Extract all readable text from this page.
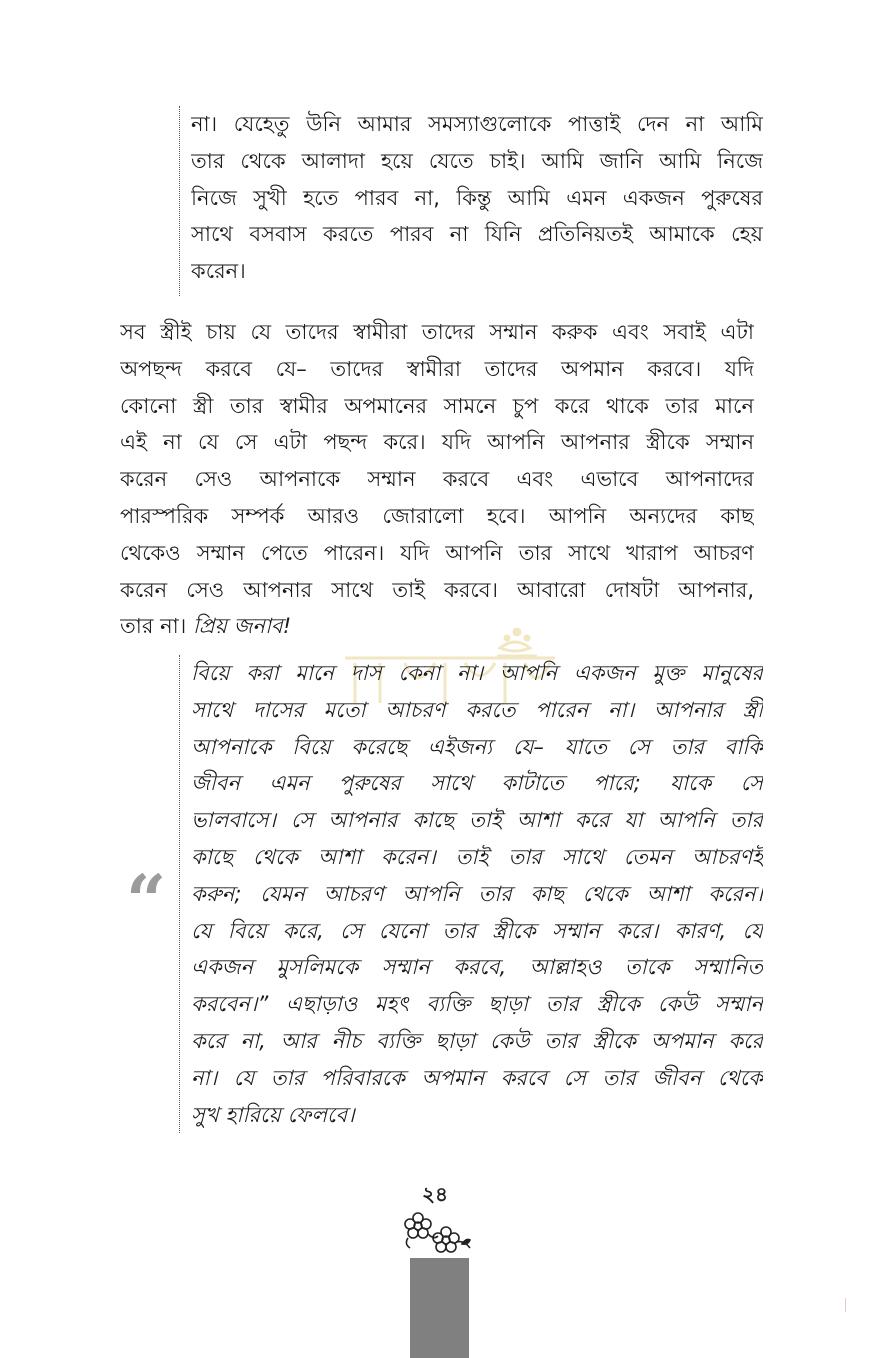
না। যেহেতু উনি আমার সমস্যাগুলোকে পাত্তাই দেন না আমি
তার থেকে আলাদা হয়ে যেতে চাই। আমি জানি আমি নিজে
নিজে সুখী হতে পারব না, কিন্তু আমি এমন একজন পুরুষের
সাথে বসবাস করতে পারব না যিনি প্রতিনিয়তই আমাকে হেয়
করেন।
সব স্ত্রীই চায় যে তাদের স্বামীরা তাদের সম্মান করুক এবং সবাই এটা
অপছন্দ করবে যে– তাদের স্বামীরা তাদের অপমান করবে। যদি
কোনো স্ত্রী তার স্বামীর অপমানের সামনে চুপ করে থাকে তার মানে
এই না যে সে এটা পছন্দ করে। যদি আপনি আপনার স্ত্রীকে সম্মান
করেন সেও আপনাকে সম্মান করবে এবং এভাবে আপনাদের
পারস্পরিক সম্পর্ক আরও জোরালো হবে। আপনি অন্যদের কাছ
থেকেও সম্মান পেতে পারেন। যদি আপনি তার সাথে খারাপ আচরণ
করেন সেও আপনার সাথে তাই করবে। আবারো দোষটা আপনার,
তার না। প্রিয় জনাব!
“
বিয়ে করা মানে দাস কেনা না। আপনি একজন মুক্ত মানুষের
সাথে দাসের মতো আচরণ করতে পারেন না। আপনার স্ত্রী
আপনাকে বিয়ে করেছে এইজন্য যে– যাতে সে তার বাকি
জীবন এমন পুরুষের সাথে কাটাতে পারে; যাকে সে
ভালবাসে। সে আপনার কাছে তাই আশা করে যা আপনি তার
কাছে থেকে আশা করেন। তাই তার সাথে তেমন আচরণই
করুন; যেমন আচরণ আপনি তার কাছ থেকে আশা করেন।
যে বিয়ে করে, সে যেনো তার স্ত্রীকে সম্মান করে। কারণ, যে
একজন মুসলিমকে সম্মান করবে, আল্লাহও তাকে সম্মানিত
করবেন।” এছাড়াও মহৎ ব্যক্তি ছাড়া তার স্ত্রীকে কেউ সম্মান
করে না, আর নীচ ব্যক্তি ছাড়া কেউ তার স্ত্রীকে অপমান করে
না। যে তার পরিবারকে অপমান করবে সে তার জীবন থেকে
সুখ হারিয়ে ফেলবে।
২৪
